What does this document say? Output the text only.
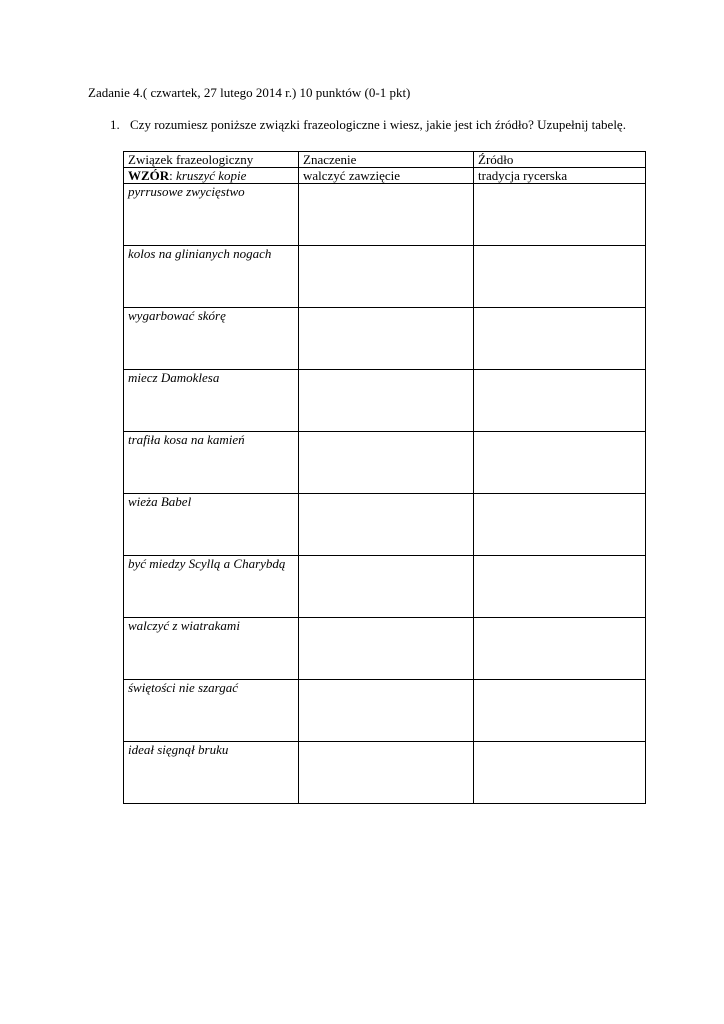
Zadanie 4.( czwartek, 27 lutego 2014 r.) 10 punktów (0-1 pkt)
1. Czy rozumiesz poniższe związki frazeologiczne i wiesz, jakie jest ich źródło? Uzupełnij tabelę.
Związek frazeologiczny	Znaczenie	Źródło
WZÓR: kruszyć kopie	walczyć zawzięcie	tradycja rycerska
pyrrusowe zwycięstwo		
kolos na glinianych nogach		
wygarbować skórę		
miecz Damoklesa		
trafiła kosa na kamień		
wieża Babel		
być miedzy Scyllą a Charybdą		
walczyć z wiatrakami		
świętości nie szargać		
ideał sięgnął bruku		
